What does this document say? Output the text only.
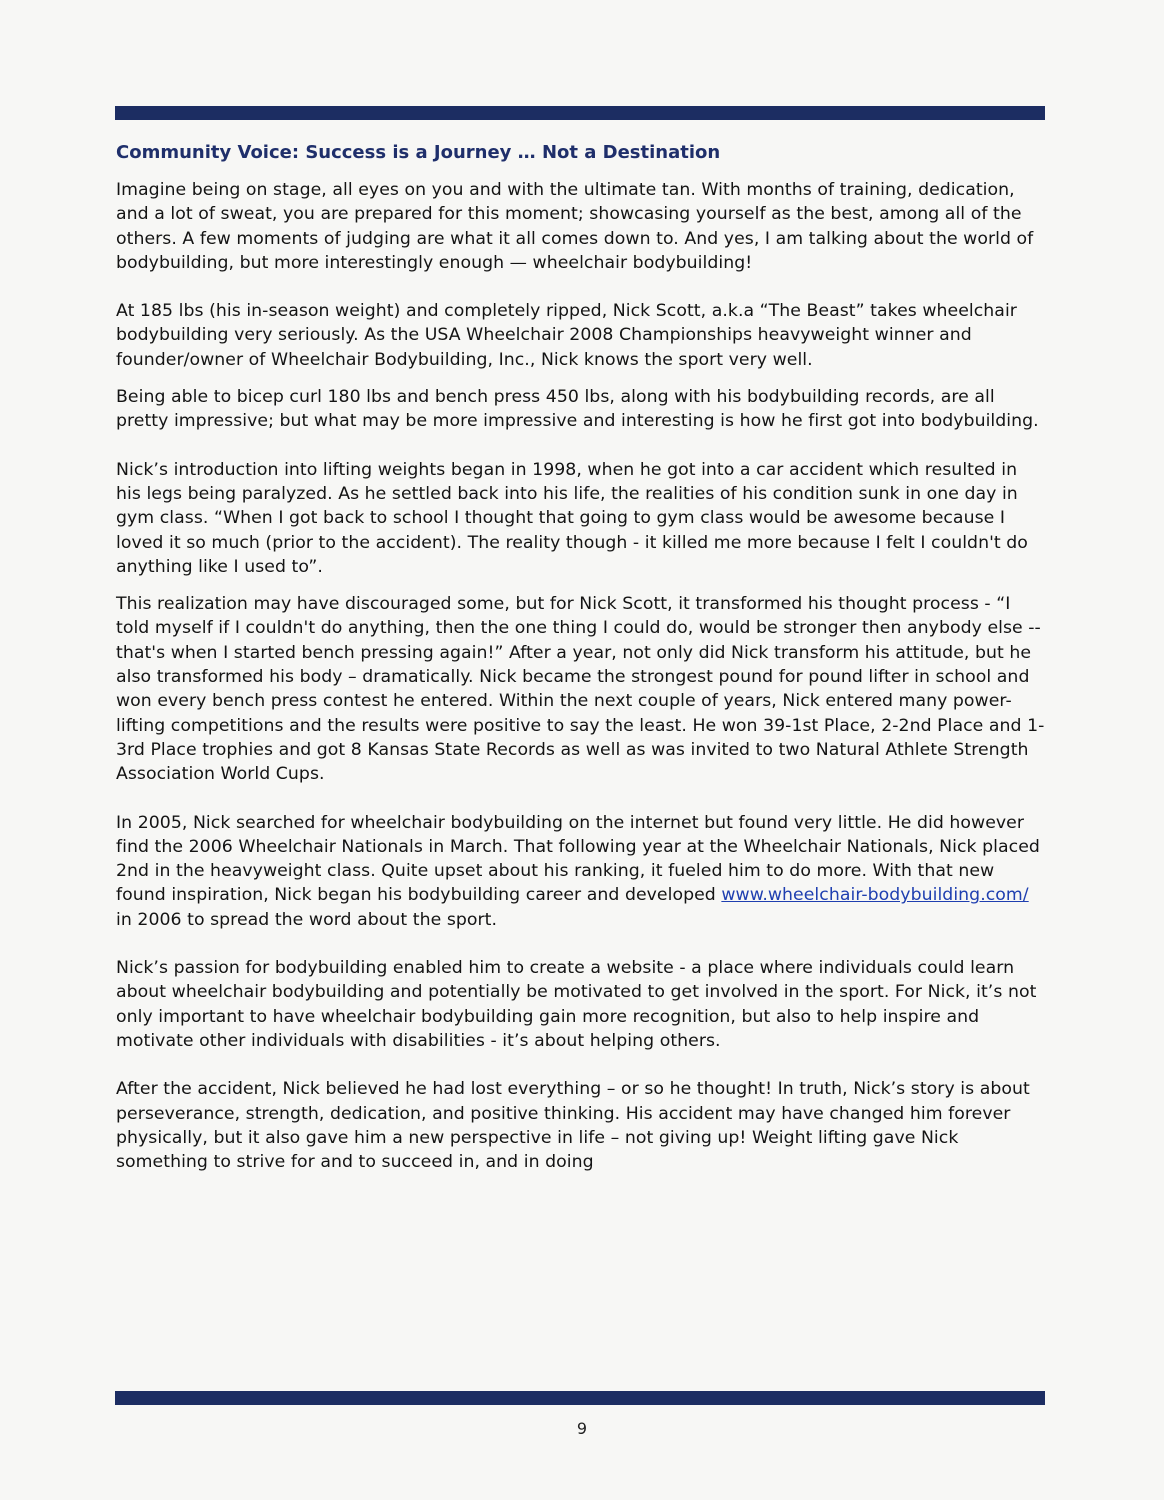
Community Voice: Success is a Journey … Not a Destination

Imagine being on stage, all eyes on you and with the ultimate tan. With months of training, dedication, and a lot of sweat, you are prepared for this moment; showcasing yourself as the best, among all of the others. A few moments of judging are what it all comes down to. And yes, I am talking about the world of bodybuilding, but more interestingly enough — wheelchair bodybuilding!

At 185 lbs (his in-season weight) and completely ripped, Nick Scott, a.k.a “The Beast” takes wheelchair bodybuilding very seriously. As the USA Wheelchair 2008 Championships heavyweight winner and founder/owner of Wheelchair Bodybuilding, Inc., Nick knows the sport very well.

Being able to bicep curl 180 lbs and bench press 450 lbs, along with his bodybuilding records, are all pretty impressive; but what may be more impressive and interesting is how he first got into bodybuilding.

Nick’s introduction into lifting weights began in 1998, when he got into a car accident which resulted in his legs being paralyzed. As he settled back into his life, the realities of his condition sunk in one day in gym class. “When I got back to school I thought that going to gym class would be awesome because I loved it so much (prior to the accident). The reality though - it killed me more because I felt I couldn't do anything like I used to”.

This realization may have discouraged some, but for Nick Scott, it transformed his thought process - “I told myself if I couldn't do anything, then the one thing I could do, would be stronger then anybody else -- that's when I started bench pressing again!” After a year, not only did Nick transform his attitude, but he also transformed his body – dramatically. Nick became the strongest pound for pound lifter in school and won every bench press contest he entered. Within the next couple of years, Nick entered many power-lifting competitions and the results were positive to say the least. He won 39-1st Place, 2-2nd Place and 1-3rd Place trophies and got 8 Kansas State Records as well as was invited to two Natural Athlete Strength Association World Cups.

In 2005, Nick searched for wheelchair bodybuilding on the internet but found very little. He did however find the 2006 Wheelchair Nationals in March. That following year at the Wheelchair Nationals, Nick placed 2nd in the heavyweight class. Quite upset about his ranking, it fueled him to do more. With that new found inspiration, Nick began his bodybuilding career and developed www.wheelchair-bodybuilding.com/ in 2006 to spread the word about the sport.

Nick’s passion for bodybuilding enabled him to create a website - a place where individuals could learn about wheelchair bodybuilding and potentially be motivated to get involved in the sport. For Nick, it’s not only important to have wheelchair bodybuilding gain more recognition, but also to help inspire and motivate other individuals with disabilities - it’s about helping others.

After the accident, Nick believed he had lost everything – or so he thought! In truth, Nick’s story is about perseverance, strength, dedication, and positive thinking. His accident may have changed him forever physically, but it also gave him a new perspective in life – not giving up! Weight lifting gave Nick something to strive for and to succeed in, and in doing

9
